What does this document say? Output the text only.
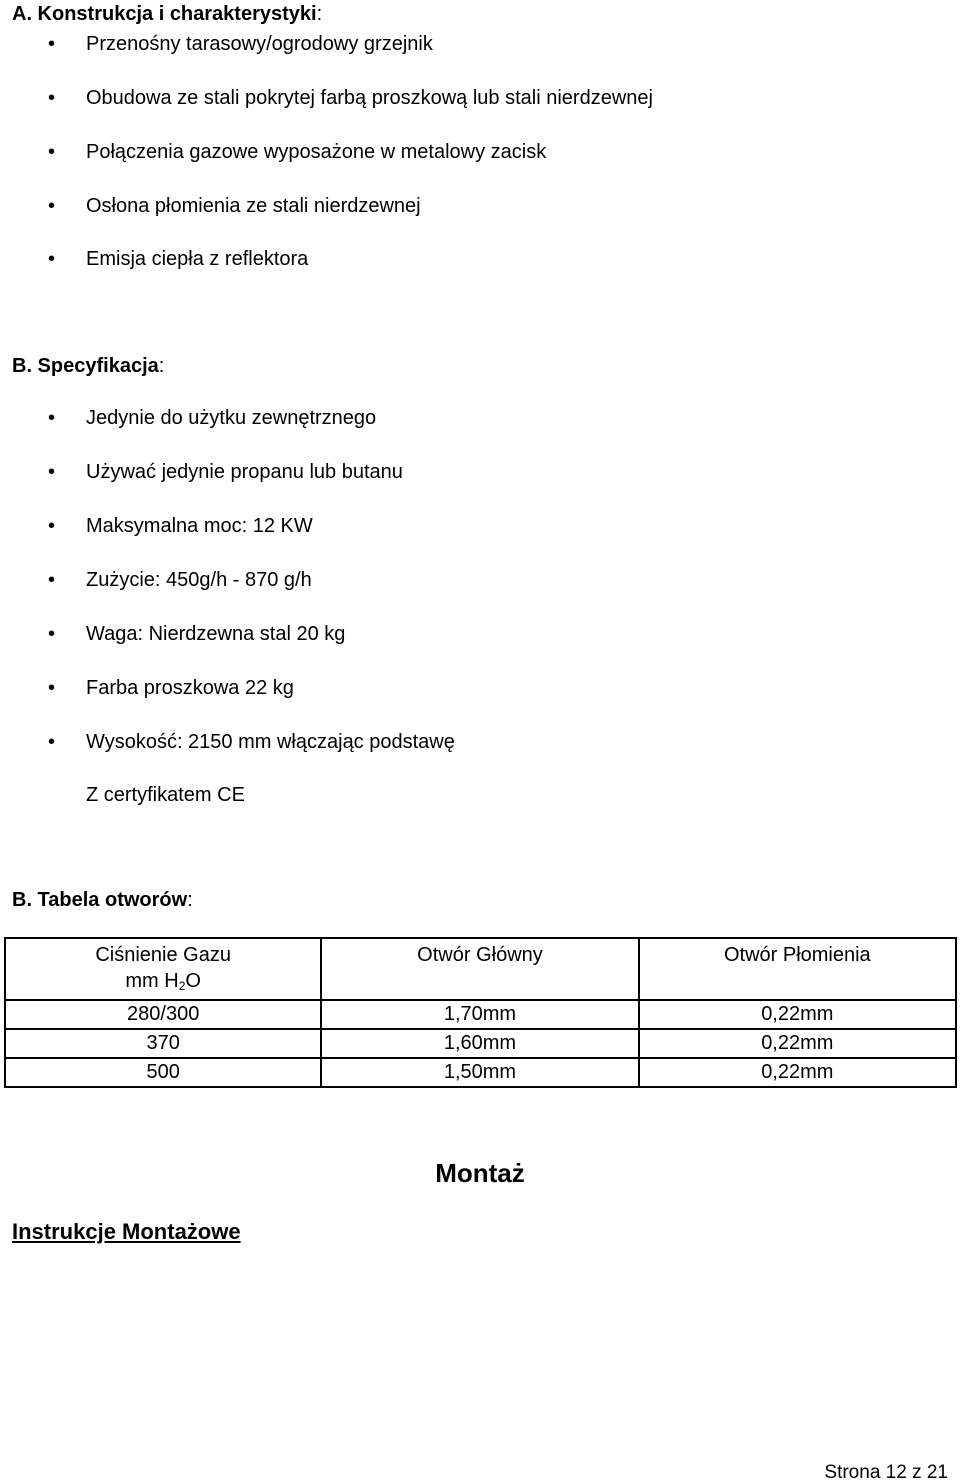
A. Konstrukcja i charakterystyki:
• Przenośny tarasowy/ogrodowy grzejnik
• Obudowa ze stali pokrytej farbą proszkową lub stali nierdzewnej
• Połączenia gazowe wyposażone w metalowy zacisk
• Osłona płomienia ze stali nierdzewnej
• Emisja ciepła z reflektora
B. Specyfikacja:
• Jedynie do użytku zewnętrznego
• Używać jedynie propanu lub butanu
• Maksymalna moc: 12 KW
• Zużycie: 450g/h - 870 g/h
• Waga: Nierdzewna stal 20 kg
• Farba proszkowa 22 kg
• Wysokość: 2150 mm włączając podstawę
Z certyfikatem CE
B. Tabela otworów:
Ciśnienie Gazu
mm $H_2O$	Otwór Główny	Otwór Płomienia
280/300	1,70mm	0,22mm
370	1,60mm	0,22mm
500	1,50mm	0,22mm
Montaż
Instrukcje Montażowe
Strona 12 z 21
